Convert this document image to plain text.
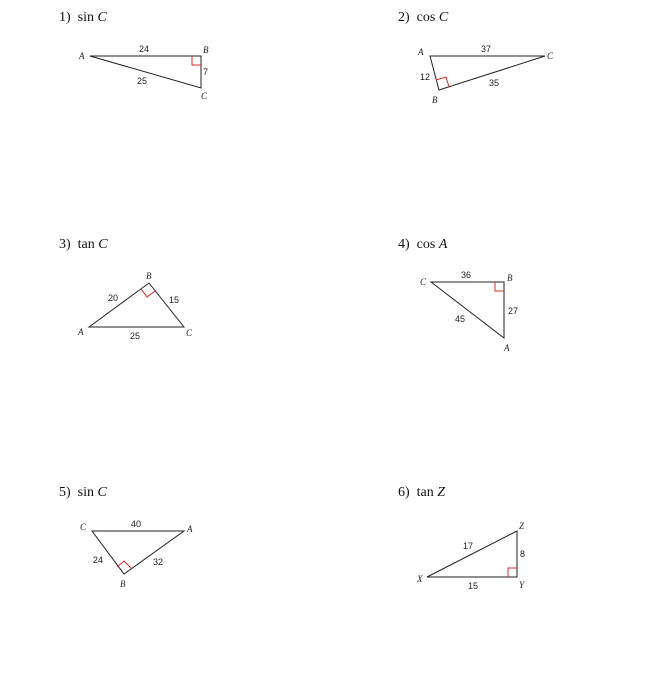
1) sin C	2) cos C
3) tan C	4) cos A
5) sin C	6) tan Z
A
B
C
24
7
25
A
B
C
37
12
35
A
B
C
20	15
25
C	B
A
36
27
45
C	A
B
40
24	32
X
Y
Z
17
8
15
